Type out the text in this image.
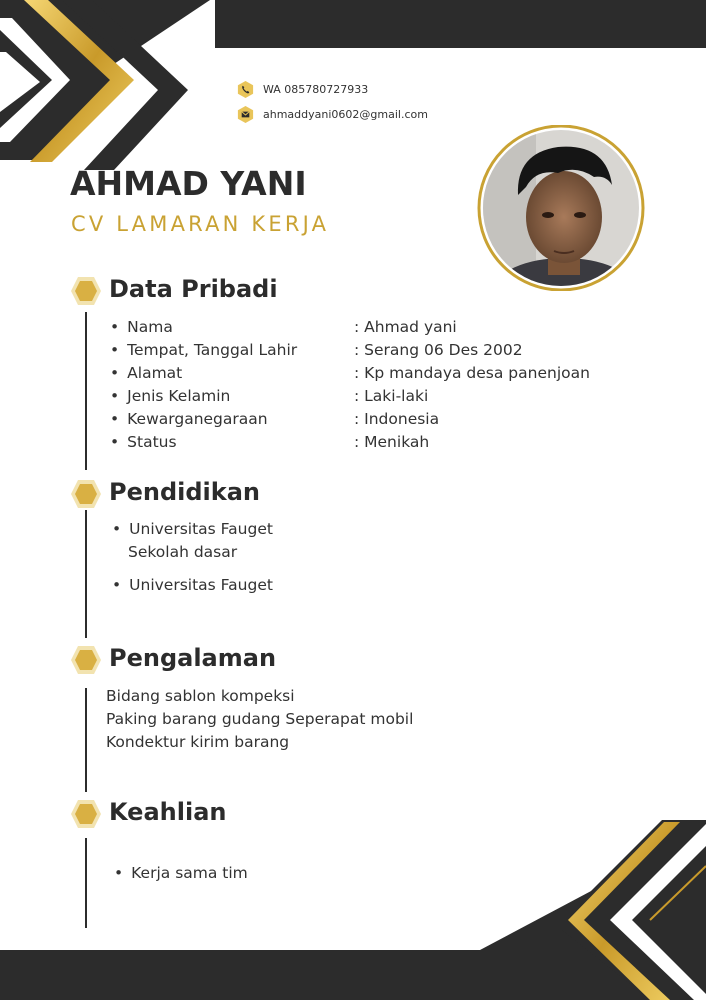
WA 085780727933
ahmaddyani0602@gmail.com
AHMAD YANI
CV LAMARAN KERJA
Data Pribadi
• Nama	: Ahmad yani
• Tempat, Tanggal Lahir	: Serang 06 Des 2002
• Alamat	: Kp mandaya desa panenjoan
• Jenis Kelamin	: Laki-laki
• Kewarganegaraan	: Indonesia
• Status	: Menikah
Pendidikan
• Universitas Fauget
Sekolah dasar
• Universitas Fauget
Pengalaman
Bidang sablon kompeksi
Paking barang gudang Seperapat mobil
Kondektur kirim barang
Keahlian
• Kerja sama tim
